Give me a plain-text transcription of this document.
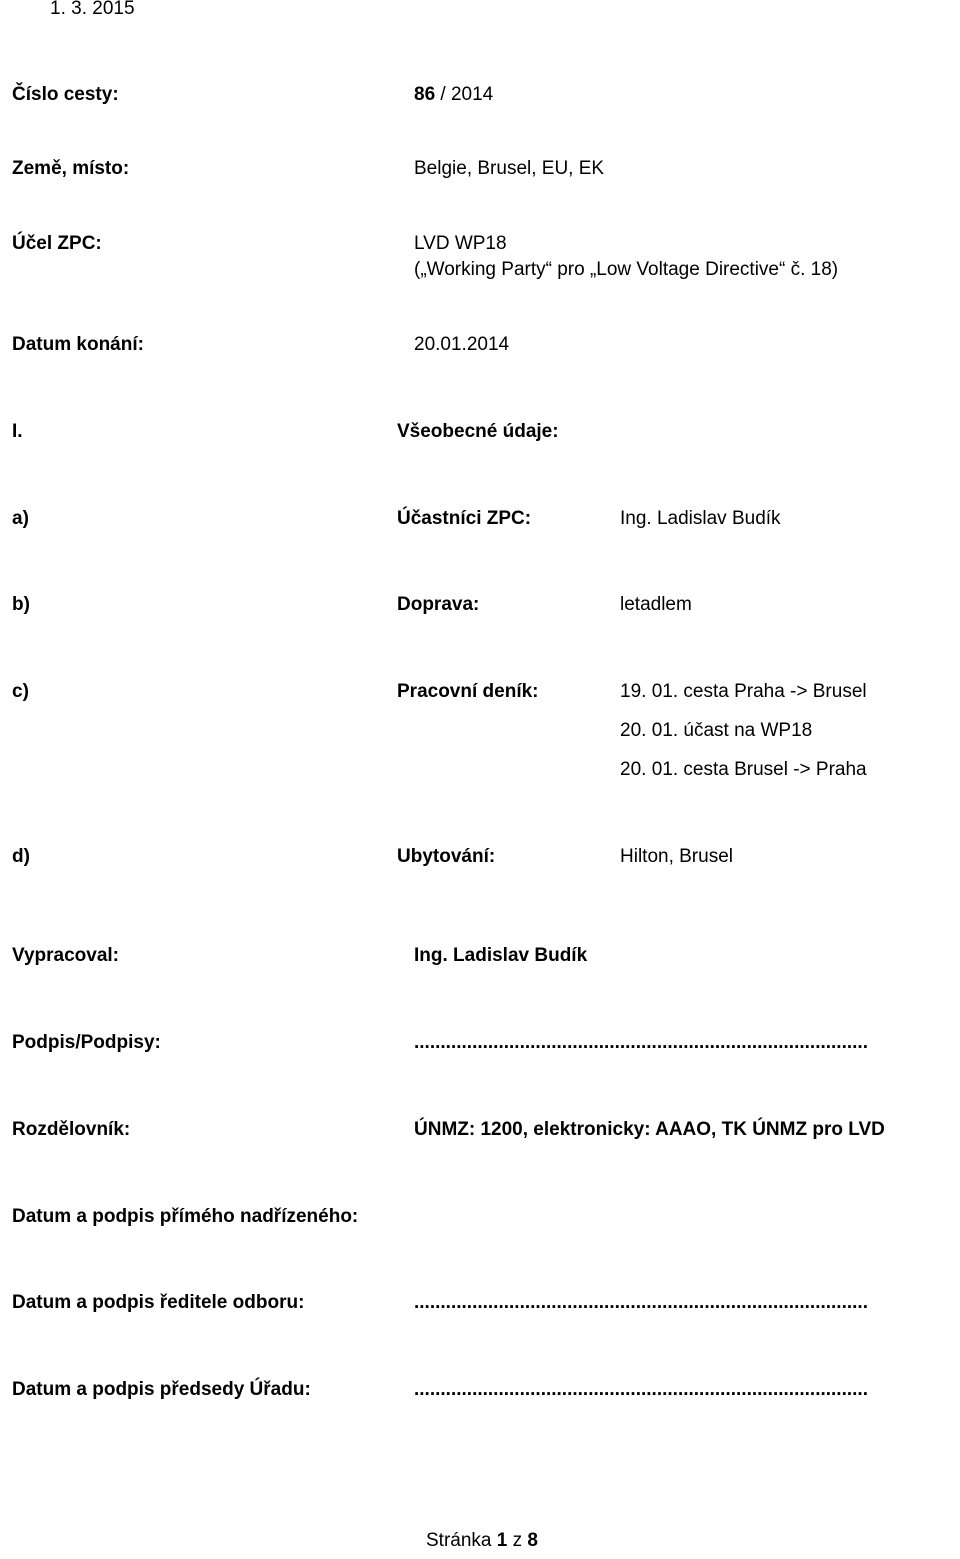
1. 3. 2015
Číslo cesty:	86 / 2014
Země, místo:	Belgie, Brusel, EU, EK
Účel ZPC:	LVD WP18
(„Working Party“ pro „Low Voltage Directive“ č. 18)
Datum konání:	20.01.2014
I.	Všeobecné údaje:
a)	Účastníci ZPC:	Ing. Ladislav Budík
b)	Doprava:	letadlem
c)	Pracovní deník:	19. 01. cesta Praha -> Brusel
20. 01. účast na WP18
20. 01. cesta Brusel -> Praha
d)	Ubytování:	Hilton, Brusel
Vypracoval:	Ing. Ladislav Budík
Podpis/Podpisy:	......................................................................................
Rozdělovník:	ÚNMZ: 1200, elektronicky: AAAO, TK ÚNMZ pro LVD
Datum a podpis přímého nadřízeného:
Datum a podpis ředitele odboru:	......................................................................................
Datum a podpis předsedy Úřadu:	......................................................................................
Stránka 1 z 8
